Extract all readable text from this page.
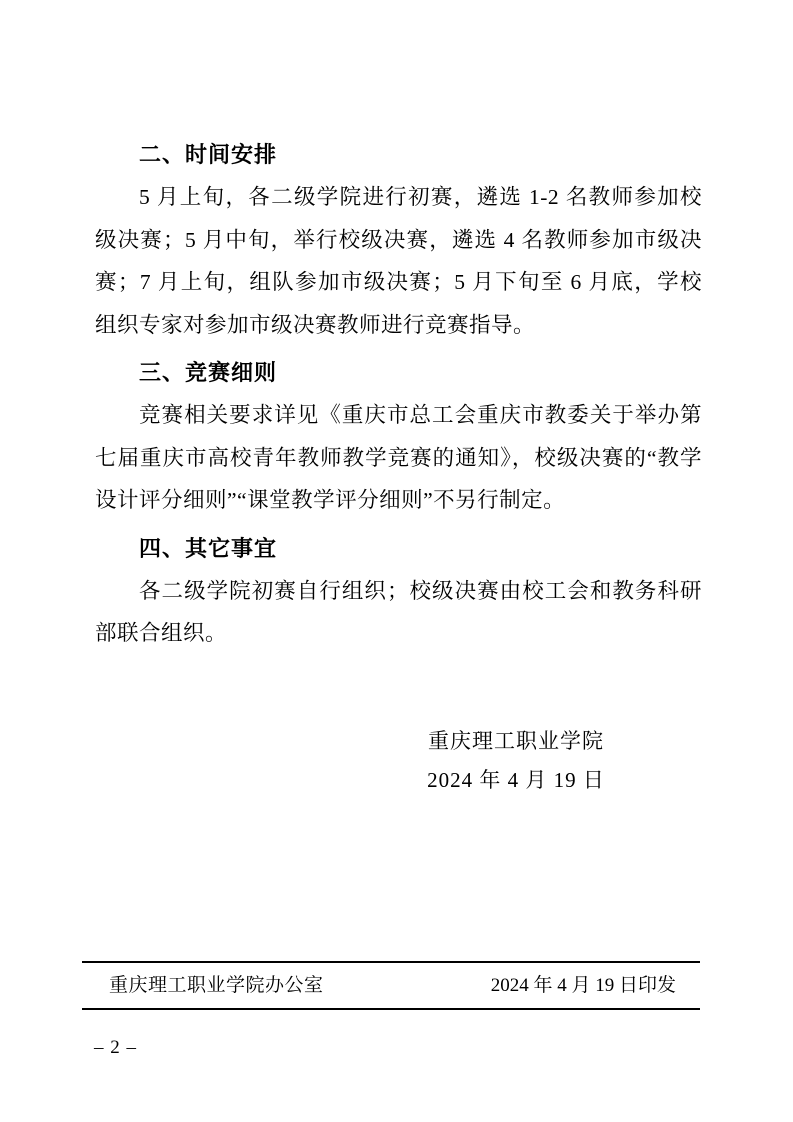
二、时间安排

5 月上旬，各二级学院进行初赛，遴选 1-2 名教师参加校级决赛；5 月中旬，举行校级决赛，遴选 4 名教师参加市级决赛；7 月上旬，组队参加市级决赛；5 月下旬至 6 月底，学校组织专家对参加市级决赛教师进行竞赛指导。

三、竞赛细则

竞赛相关要求详见《重庆市总工会重庆市教委关于举办第七届重庆市高校青年教师教学竞赛的通知》，校级决赛的“教学设计评分细则”“课堂教学评分细则”不另行制定。

四、其它事宜

各二级学院初赛自行组织；校级决赛由校工会和教务科研部联合组织。

重庆理工职业学院
2024 年 4 月 19 日
重庆理工职业学院办公室	2024 年 4 月 19 日印发
– 2 –
